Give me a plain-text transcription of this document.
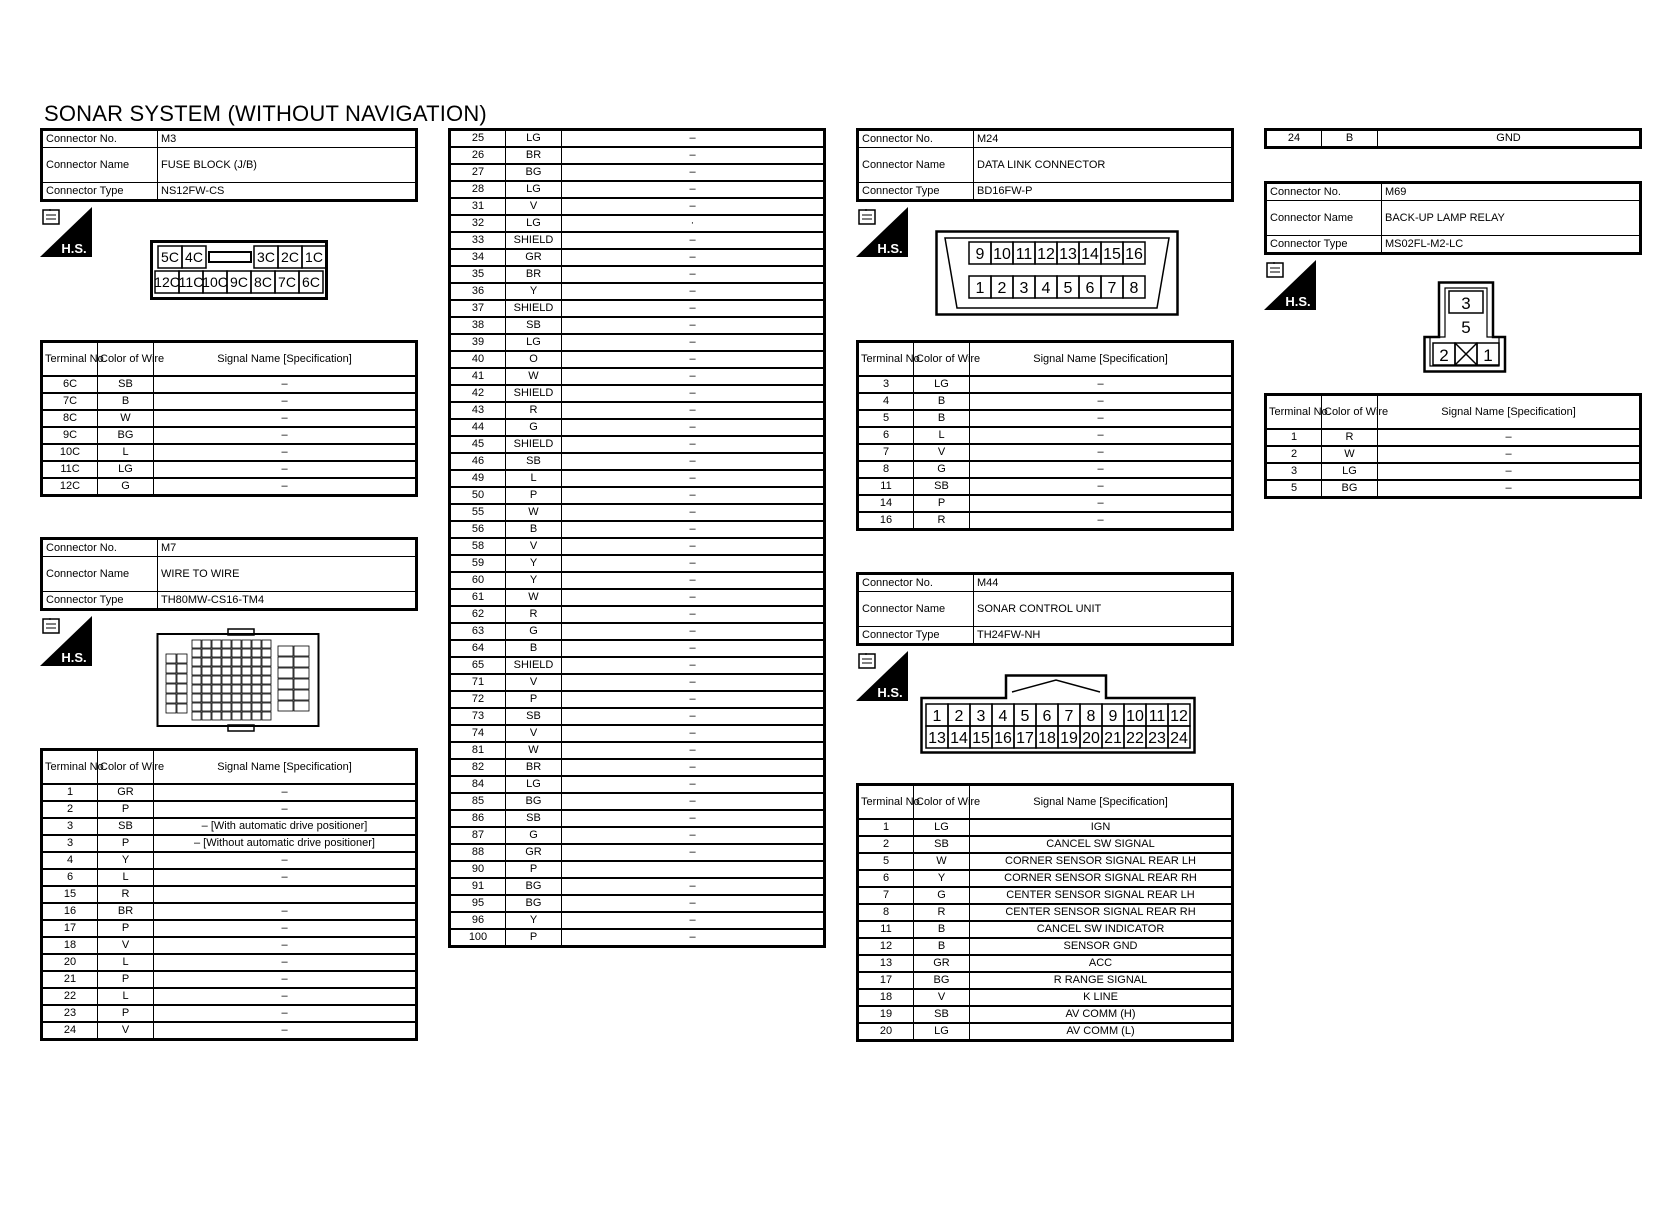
SONAR SYSTEM (WITHOUT NAVIGATION)
Connector No.	M3
Connector Name	FUSE BLOCK (J/B)
Connector Type	NS12FW-CS
H.S.
5C 4C	3C 2C 1C
12C
11C
10C 9C 8C 7C 6C
Terminal No.	Color of Wire	Signal Name [Specification]
6C	SB	–
7C	B	–
8C	W	–
9C	BG	–
10C	L	–
11C	LG	–
12C	G	–
Connector No.	M7
Connector Name	WIRE TO WIRE
Connector Type	TH80MW-CS16-TM4
H.S.
Terminal No.	Color of Wire	Signal Name [Specification]
1	GR	–
2	P	–
3	SB	– [With automatic drive positioner]
3	P	– [Without automatic drive positioner]
4	Y	–
6	L	–
15	R	
16	BR	–
17	P	–
18	V	–
20	L	–
21	P	–
22	L	–
23	P	–
24	V	–
25	LG	–
26	BR	–
27	BG	–
28	LG	–
31	V	–
32	LG	·
33	SHIELD	–
34	GR	–
35	BR	–
36	Y	–
37	SHIELD	–
38	SB	–
39	LG	–
40	O	–
41	W	–
42	SHIELD	–
43	R	–
44	G	–
45	SHIELD	–
46	SB	–
49	L	–
50	P	–
55	W	–
56	B	–
58	V	–
59	Y	–
60	Y	–
61	W	–
62	R	–
63	G	–
64	B	–
65	SHIELD	–
71	V	–
72	P	–
73	SB	–
74	V	–
81	W	–
82	BR	–
84	LG	–
85	BG	–
86	SB	–
87	G	–
88	GR	–
90	P	
91	BG	–
95	BG	–
96	Y	–
100	P	–
Connector No.	M24
Connector Name	DATA LINK CONNECTOR
Connector Type	BD16FW-P
H.S.	9 10 11 12 13 14 15 16
1 2 3 4 5 6 7 8
Terminal No.	Color of Wire	Signal Name [Specification]
3	LG	–
4	B	–
5	B	–
6	L	–
7	V	–
8	G	–
11	SB	–
14	P	–
16	R	–
Connector No.	M44
Connector Name	SONAR CONTROL UNIT
Connector Type	TH24FW-NH
H.S.
1 2 3 4 5 6 7 8 9 10 11 12
13 14 15 16 17 18 19 20 21 22 23 24
Terminal No.	Color of Wire	Signal Name [Specification]
1	LG	IGN
2	SB	CANCEL SW SIGNAL
5	W	CORNER SENSOR SIGNAL REAR LH
6	Y	CORNER SENSOR SIGNAL REAR RH
7	G	CENTER SENSOR SIGNAL REAR LH
8	R	CENTER SENSOR SIGNAL REAR RH
11	B	CANCEL SW INDICATOR
12	B	SENSOR GND
13	GR	ACC
17	BG	R RANGE SIGNAL
18	V	K LINE
19	SB	AV COMM (H)
20	LG	AV COMM (L)
24	B	GND
Connector No.	M69
Connector Name	BACK-UP LAMP RELAY
Connector Type	MS02FL-M2-LC
H.S.	3
5
2 1
Terminal No.	Color of Wire	Signal Name [Specification]
1	R	–
2	W	–
3	LG	–
5	BG	–
